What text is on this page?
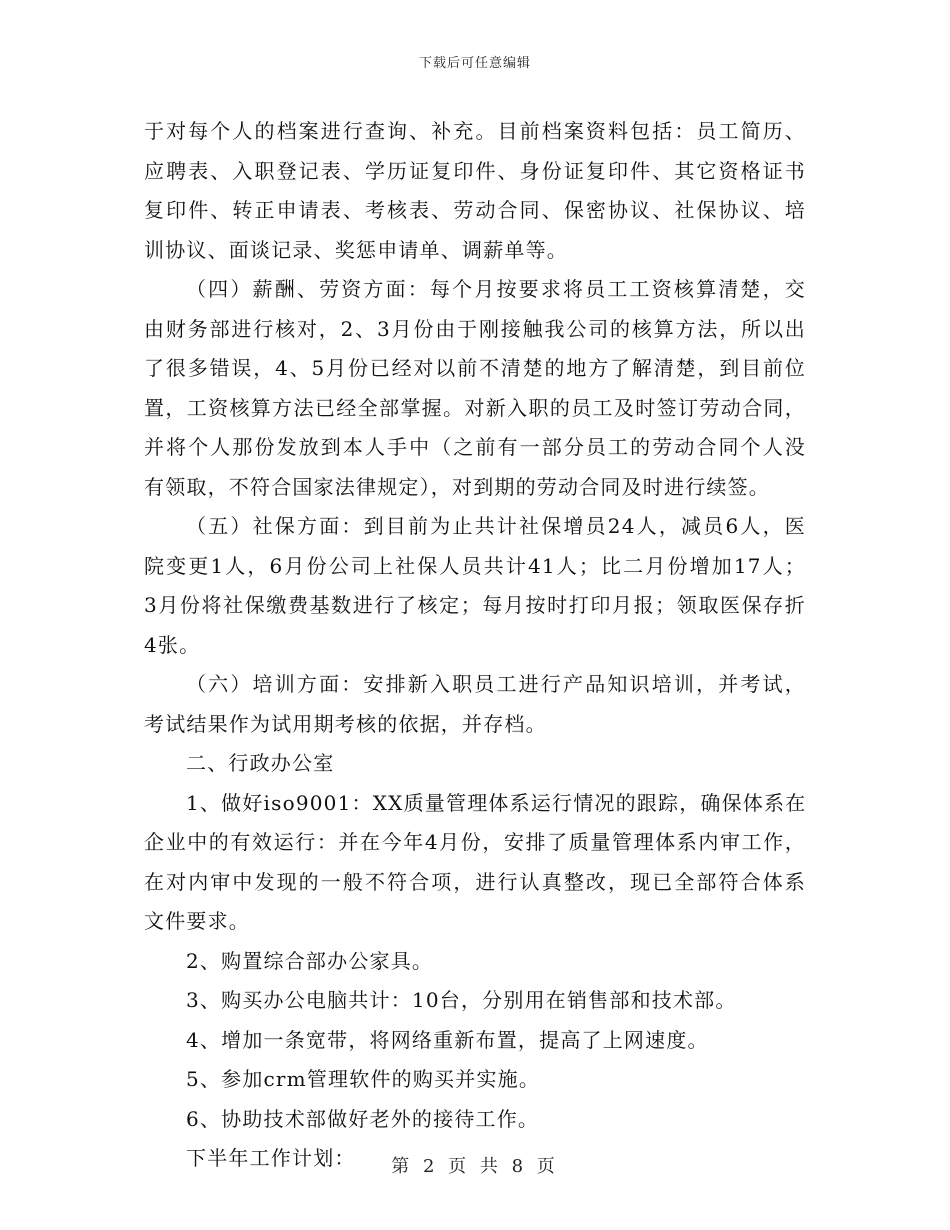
下载后可任意编辑
于对每个人的档案进行查询、补充。目前档案资料包括：员工简历、
应聘表、入职登记表、学历证复印件、身份证复印件、其它资格证书
复印件、转正申请表、考核表、劳动合同、保密协议、社保协议、培
训协议、面谈记录、奖惩申请单、调薪单等。
（四）薪酬、劳资方面：每个月按要求将员工工资核算清楚，交
由财务部进行核对，2、3月份由于刚接触我公司的核算方法，所以出
了很多错误，4、5月份已经对以前不清楚的地方了解清楚，到目前位
置，工资核算方法已经全部掌握。对新入职的员工及时签订劳动合同，
并将个人那份发放到本人手中（之前有一部分员工的劳动合同个人没
有领取，不符合国家法律规定），对到期的劳动合同及时进行续签。
（五）社保方面：到目前为止共计社保增员24人，减员6人，医
院变更1人，6月份公司上社保人员共计41人；比二月份增加17人；
3月份将社保缴费基数进行了核定；每月按时打印月报；领取医保存折
4张。
（六）培训方面：安排新入职员工进行产品知识培训，并考试，
考试结果作为试用期考核的依据，并存档。
二、行政办公室
1、做好iso9001：XX质量管理体系运行情况的跟踪，确保体系在
企业中的有效运行：并在今年4月份，安排了质量管理体系内审工作，
在对内审中发现的一般不符合项，进行认真整改，现已全部符合体系
文件要求。
2、购置综合部办公家具。
3、购买办公电脑共计：10台，分别用在销售部和技术部。
4、增加一条宽带，将网络重新布置，提高了上网速度。
5、参加crm管理软件的购买并实施。
6、协助技术部做好老外的接待工作。
下半年工作计划：	第 2 页 共 8 页
